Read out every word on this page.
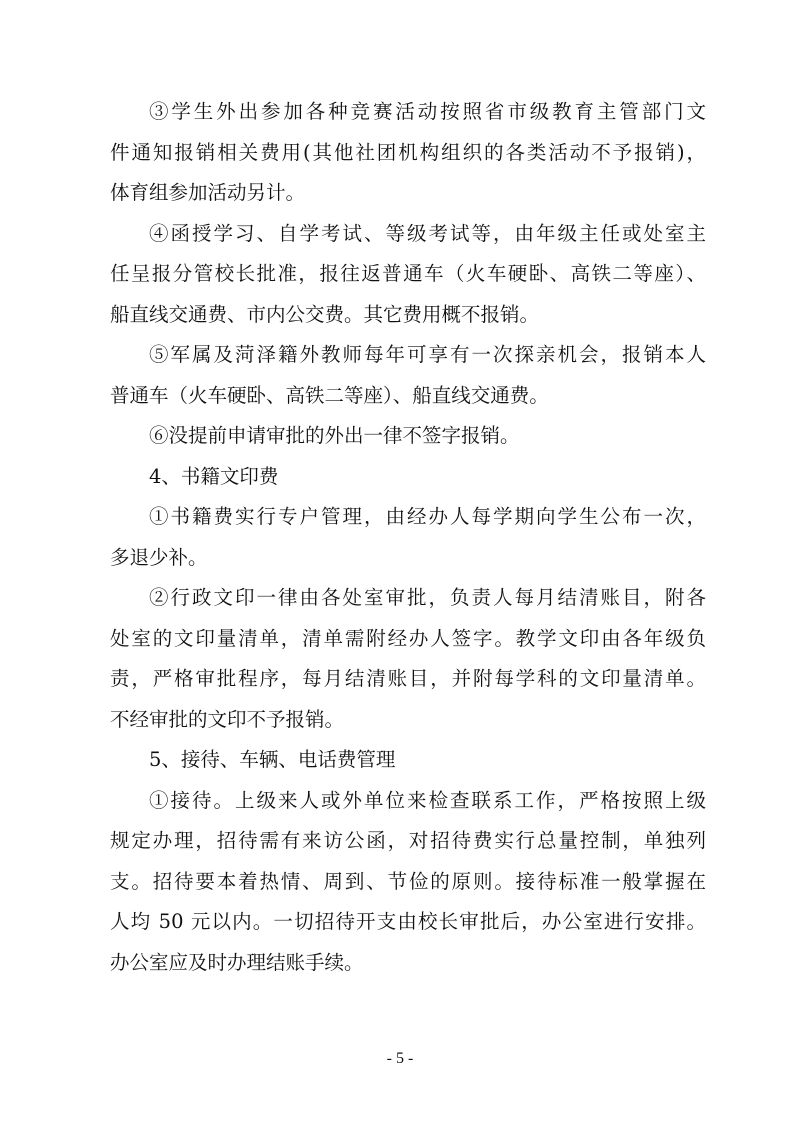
③学生外出参加各种竞赛活动按照省市级教育主管部门文
件通知报销相关费用(其他社团机构组织的各类活动不予报销)，
体育组参加活动另计。
④函授学习、自学考试、等级考试等，由年级主任或处室主
任呈报分管校长批准，报往返普通车（火车硬卧、高铁二等座）、
船直线交通费、市内公交费。其它费用概不报销。
⑤军属及菏泽籍外教师每年可享有一次探亲机会，报销本人
普通车（火车硬卧、高铁二等座）、船直线交通费。
⑥没提前申请审批的外出一律不签字报销。
4、书籍文印费
①书籍费实行专户管理，由经办人每学期向学生公布一次，
多退少补。
②行政文印一律由各处室审批，负责人每月结清账目，附各
处室的文印量清单，清单需附经办人签字。教学文印由各年级负
责，严格审批程序，每月结清账目，并附每学科的文印量清单。
不经审批的文印不予报销。
5、接待、车辆、电话费管理
①接待。上级来人或外单位来检查联系工作，严格按照上级
规定办理，招待需有来访公函，对招待费实行总量控制，单独列
支。招待要本着热情、周到、节俭的原则。接待标准一般掌握在
人均 50 元以内。一切招待开支由校长审批后，办公室进行安排。
办公室应及时办理结账手续。
- 5 -
